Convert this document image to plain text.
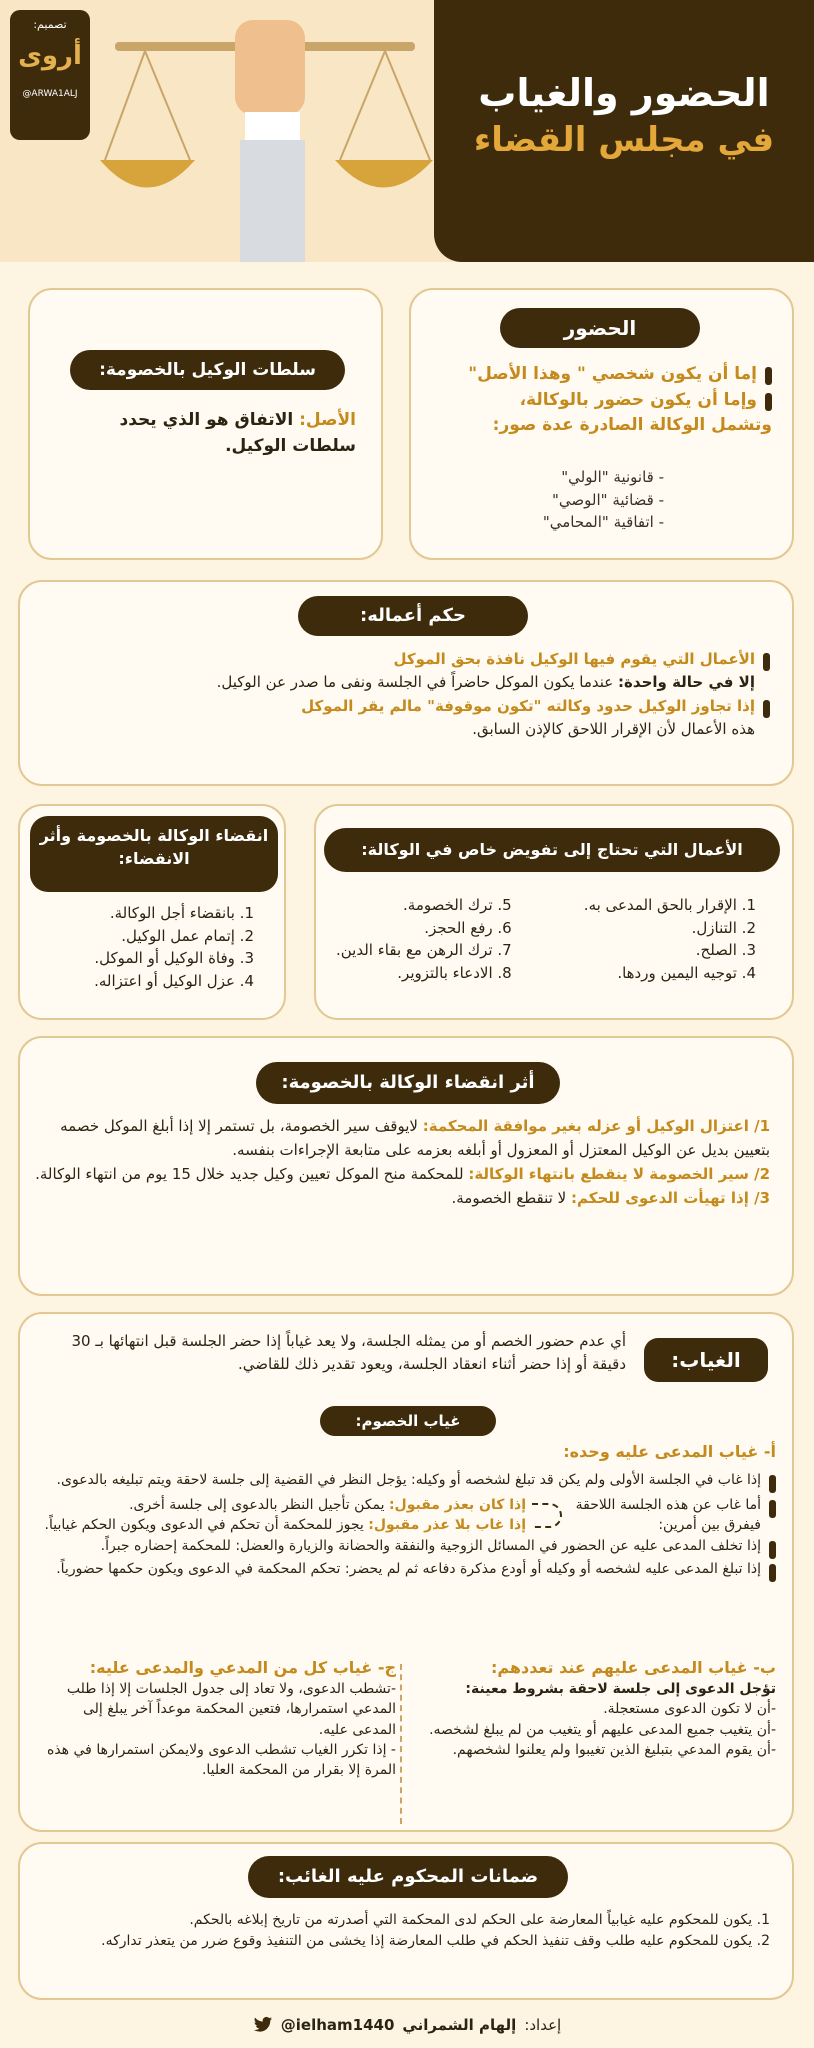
تصميم:
أروى
@ARWA1ALJ	الحضور والغياب
في مجلس القضاء
الحضور
إما أن يكون شخصي " وهذا الأصل"
وإما أن يكون حضور بالوكالة،
وتشمل الوكالة الصادرة عدة صور:
- قانونية "الولي"
- قضائية "الوصي"
- اتفاقية "المحامي"
سلطات الوكيل بالخصومة:
الأصل: الاتفاق هو الذي يحدد سلطات الوكيل.
حكم أعماله:
الأعمال التي يقوم فيها الوكيل نافذة بحق الموكل
إلا في حالة واحدة: عندما يكون الموكل حاضراً في الجلسة ونفى ما صدر عن الوكيل.
إذا تجاوز الوكيل حدود وكالته "تكون موقوفة" مالم يقر الموكل
هذه الأعمال لأن الإقرار اللاحق كالإذن السابق.
الأعمال التي تحتاج إلى تفويض خاص في الوكالة:
1. الإقرار بالحق المدعى به.
2. التنازل.
3. الصلح.
4. توجيه اليمين وردها.
5. ترك الخصومة.
6. رفع الحجز.
7. ترك الرهن مع بقاء الدين.
8. الادعاء بالتزوير.
انقضاء الوكالة بالخصومة وأثر الانقضاء:
1. بانقضاء أجل الوكالة.
2. إتمام عمل الوكيل.
3. وفاة الوكيل أو الموكل.
4. عزل الوكيل أو اعتزاله.
أثر انقضاء الوكالة بالخصومة:
1/ اعتزال الوكيل أو عزله بغير موافقة المحكمة: لايوقف سير الخصومة، بل تستمر إلا إذا أبلغ الموكل خصمه بتعيين بديل عن الوكيل المعتزل أو المعزول أو أبلغه بعزمه على متابعة الإجراءات بنفسه.
2/ سير الخصومة لا ينقطع بانتهاء الوكالة: للمحكمة منح الموكل تعيين وكيل جديد خلال 15 يوم من انتهاء الوكالة.
3/ إذا تهيأت الدعوى للحكم: لا تنقطع الخصومة.
الغياب:
أي عدم حضور الخصم أو من يمثله الجلسة، ولا يعد غياباً إذا حضر الجلسة قبل انتهائها بـ 30 دقيقة أو إذا حضر أثناء انعقاد الجلسة، ويعود تقدير ذلك للقاضي.
غياب الخصوم:
أ- غياب المدعى عليه وحده:
إذا غاب في الجلسة الأولى ولم يكن قد تبلغ لشخصه أو وكيله: يؤجل النظر في القضية إلى جلسة لاحقة ويتم تبليغه بالدعوى.
أما غاب عن هذه الجلسة اللاحقة فيفرق بين أمرين:
إذا كان بعذر مقبول: يمكن تأجيل النظر بالدعوى إلى جلسة أخرى.
إذا غاب بلا عذر مقبول: يجوز للمحكمة أن تحكم في الدعوى ويكون الحكم غيابياً.
إذا تخلف المدعى عليه عن الحضور في المسائل الزوجية والنفقة والحضانة والزيارة والعضل: للمحكمة إحضاره جبراً.
إذا تبلغ المدعى عليه لشخصه أو وكيله أو أودع مذكرة دفاعه ثم لم يحضر: تحكم المحكمة في الدعوى ويكون حكمها حضورياً.
ب- غياب المدعى عليهم عند تعددهم:
تؤجل الدعوى إلى جلسة لاحقة بشروط معينة:
-أن لا تكون الدعوى مستعجلة.
-أن يتغيب جميع المدعى عليهم أو يتغيب من لم يبلغ لشخصه.
-أن يقوم المدعي بتبليغ الذين تغيبوا ولم يعلنوا لشخصهم.
ج- غياب كل من المدعي والمدعى عليه:
-تشطب الدعوى، ولا تعاد إلى جدول الجلسات إلا إذا طلب المدعي استمرارها، فتعين المحكمة موعداً آخر يبلغ إلى المدعى عليه.
- إذا تكرر الغياب تشطب الدعوى ولايمكن استمرارها في هذه المرة إلا بقرار من المحكمة العليا.
ضمانات المحكوم عليه الغائب:
1. يكون للمحكوم عليه غيابياً المعارضة على الحكم لدى المحكمة التي أصدرته من تاريخ إبلاغه بالحكم.
2. يكون للمحكوم عليه طلب وقف تنفيذ الحكم في طلب المعارضة إذا يخشى من التنفيذ وقوع ضرر من يتعذر تداركه.
إعداد:
إلهام الشمراني
@ielham1440
